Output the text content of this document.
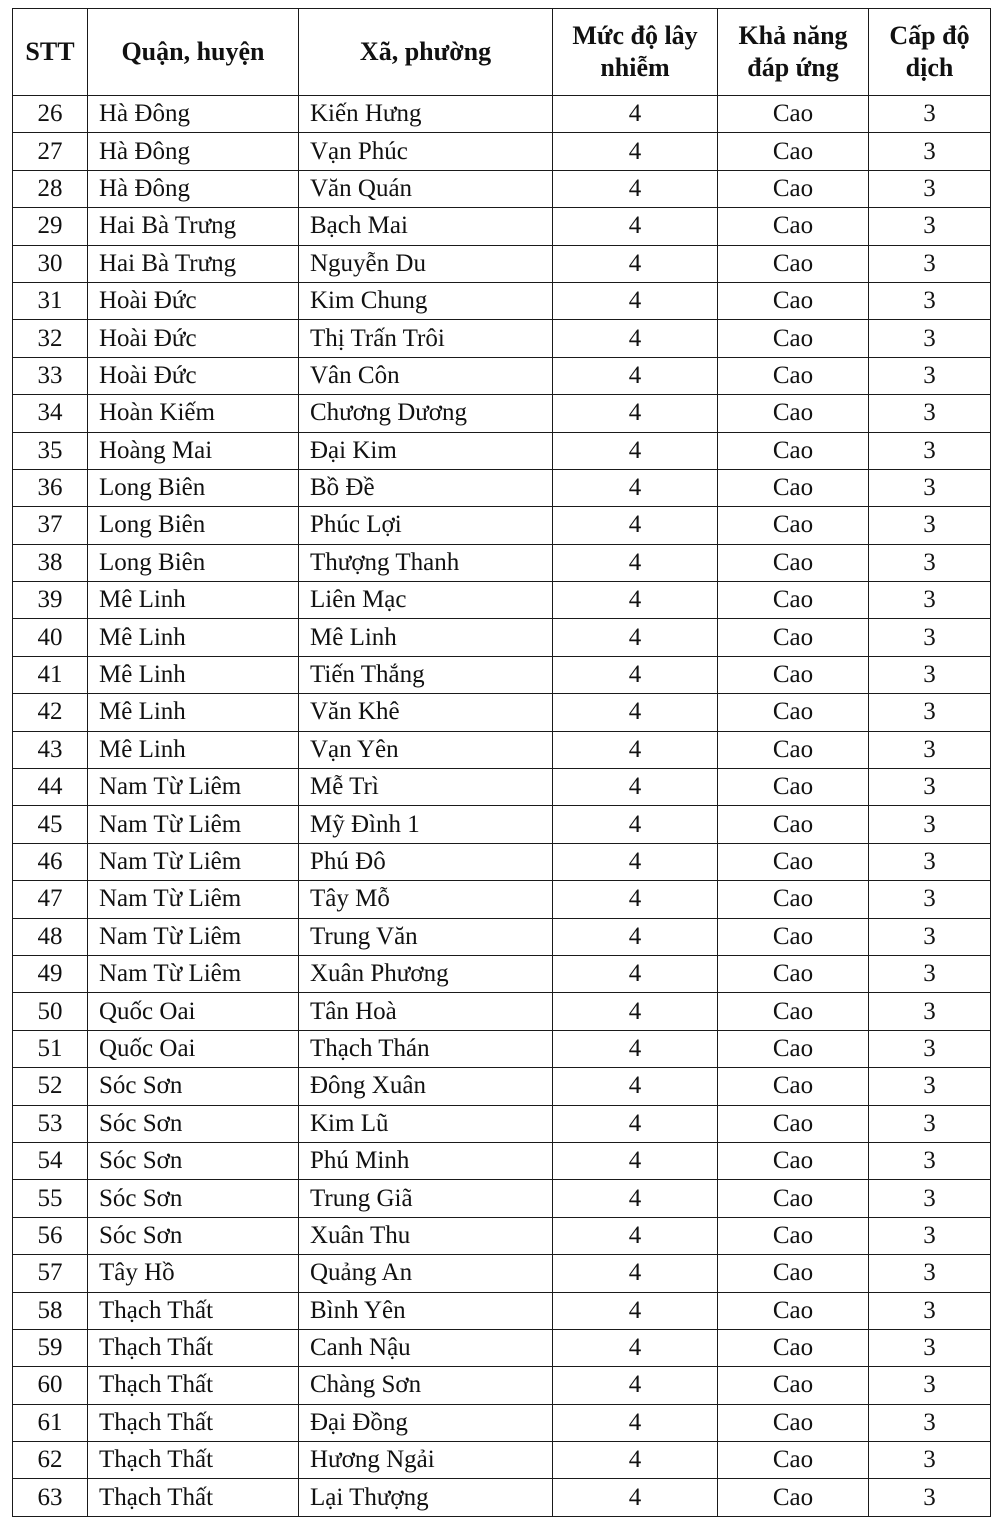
STT	Quận, huyện	Xã, phường	Mức độ lây nhiễm	Khả năng đáp ứng	Cấp độ dịch
26	Hà Đông	Kiến Hưng	4	Cao	3
27	Hà Đông	Vạn Phúc	4	Cao	3
28	Hà Đông	Văn Quán	4	Cao	3
29	Hai Bà Trưng	Bạch Mai	4	Cao	3
30	Hai Bà Trưng	Nguyễn Du	4	Cao	3
31	Hoài Đức	Kim Chung	4	Cao	3
32	Hoài Đức	Thị Trấn Trôi	4	Cao	3
33	Hoài Đức	Vân Côn	4	Cao	3
34	Hoàn Kiếm	Chương Dương	4	Cao	3
35	Hoàng Mai	Đại Kim	4	Cao	3
36	Long Biên	Bồ Đề	4	Cao	3
37	Long Biên	Phúc Lợi	4	Cao	3
38	Long Biên	Thượng Thanh	4	Cao	3
39	Mê Linh	Liên Mạc	4	Cao	3
40	Mê Linh	Mê Linh	4	Cao	3
41	Mê Linh	Tiến Thắng	4	Cao	3
42	Mê Linh	Văn Khê	4	Cao	3
43	Mê Linh	Vạn Yên	4	Cao	3
44	Nam Từ Liêm	Mễ Trì	4	Cao	3
45	Nam Từ Liêm	Mỹ Đình 1	4	Cao	3
46	Nam Từ Liêm	Phú Đô	4	Cao	3
47	Nam Từ Liêm	Tây Mỗ	4	Cao	3
48	Nam Từ Liêm	Trung Văn	4	Cao	3
49	Nam Từ Liêm	Xuân Phương	4	Cao	3
50	Quốc Oai	Tân Hoà	4	Cao	3
51	Quốc Oai	Thạch Thán	4	Cao	3
52	Sóc Sơn	Đông Xuân	4	Cao	3
53	Sóc Sơn	Kim Lũ	4	Cao	3
54	Sóc Sơn	Phú Minh	4	Cao	3
55	Sóc Sơn	Trung Giã	4	Cao	3
56	Sóc Sơn	Xuân Thu	4	Cao	3
57	Tây Hồ	Quảng An	4	Cao	3
58	Thạch Thất	Bình Yên	4	Cao	3
59	Thạch Thất	Canh Nậu	4	Cao	3
60	Thạch Thất	Chàng Sơn	4	Cao	3
61	Thạch Thất	Đại Đồng	4	Cao	3
62	Thạch Thất	Hương Ngải	4	Cao	3
63	Thạch Thất	Lại Thượng	4	Cao	3
